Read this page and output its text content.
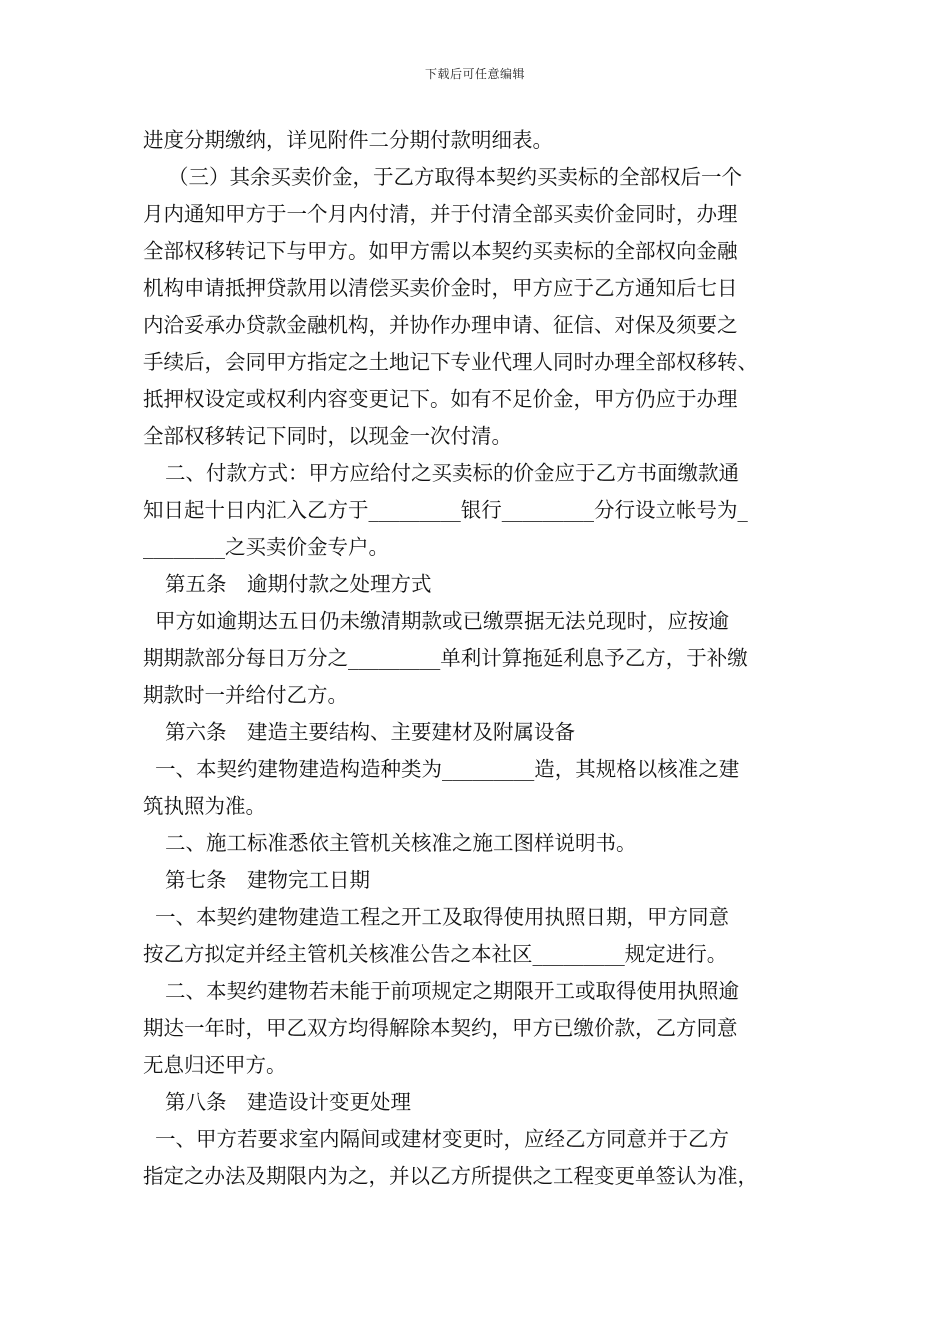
下载后可任意编辑
进度分期缴纳，详见附件二分期付款明细表。
（三）其余买卖价金，于乙方取得本契约买卖标的全部权后一个
月内通知甲方于一个月内付清，并于付清全部买卖价金同时，办理
全部权移转记下与甲方。如甲方需以本契约买卖标的全部权向金融
机构申请抵押贷款用以清偿买卖价金时，甲方应于乙方通知后七日
内洽妥承办贷款金融机构，并协作办理申请、征信、对保及须要之
手续后，会同甲方指定之土地记下专业代理人同时办理全部权移转、
抵押权设定或权利内容变更记下。如有不足价金，甲方仍应于办理
全部权移转记下同时，以现金一次付清。
二、付款方式：甲方应给付之买卖标的价金应于乙方书面缴款通
知日起十日内汇入乙方于_________银行_________分行设立帐号为_
________之买卖价金专户。
第五条　逾期付款之处理方式
甲方如逾期达五日仍未缴清期款或已缴票据无法兑现时，应按逾
期期款部分每日万分之_________单利计算拖延利息予乙方，于补缴
期款时一并给付乙方。
第六条　建造主要结构、主要建材及附属设备
一、本契约建物建造构造种类为_________造，其规格以核准之建
筑执照为准。
二、施工标准悉依主管机关核准之施工图样说明书。
第七条　建物完工日期
一、本契约建物建造工程之开工及取得使用执照日期，甲方同意
按乙方拟定并经主管机关核准公告之本社区_________规定进行。
二、本契约建物若未能于前项规定之期限开工或取得使用执照逾
期达一年时，甲乙双方均得解除本契约，甲方已缴价款，乙方同意
无息归还甲方。
第八条　建造设计变更处理
一、甲方若要求室内隔间或建材变更时，应经乙方同意并于乙方
指定之办法及期限内为之，并以乙方所提供之工程变更单签认为准，
